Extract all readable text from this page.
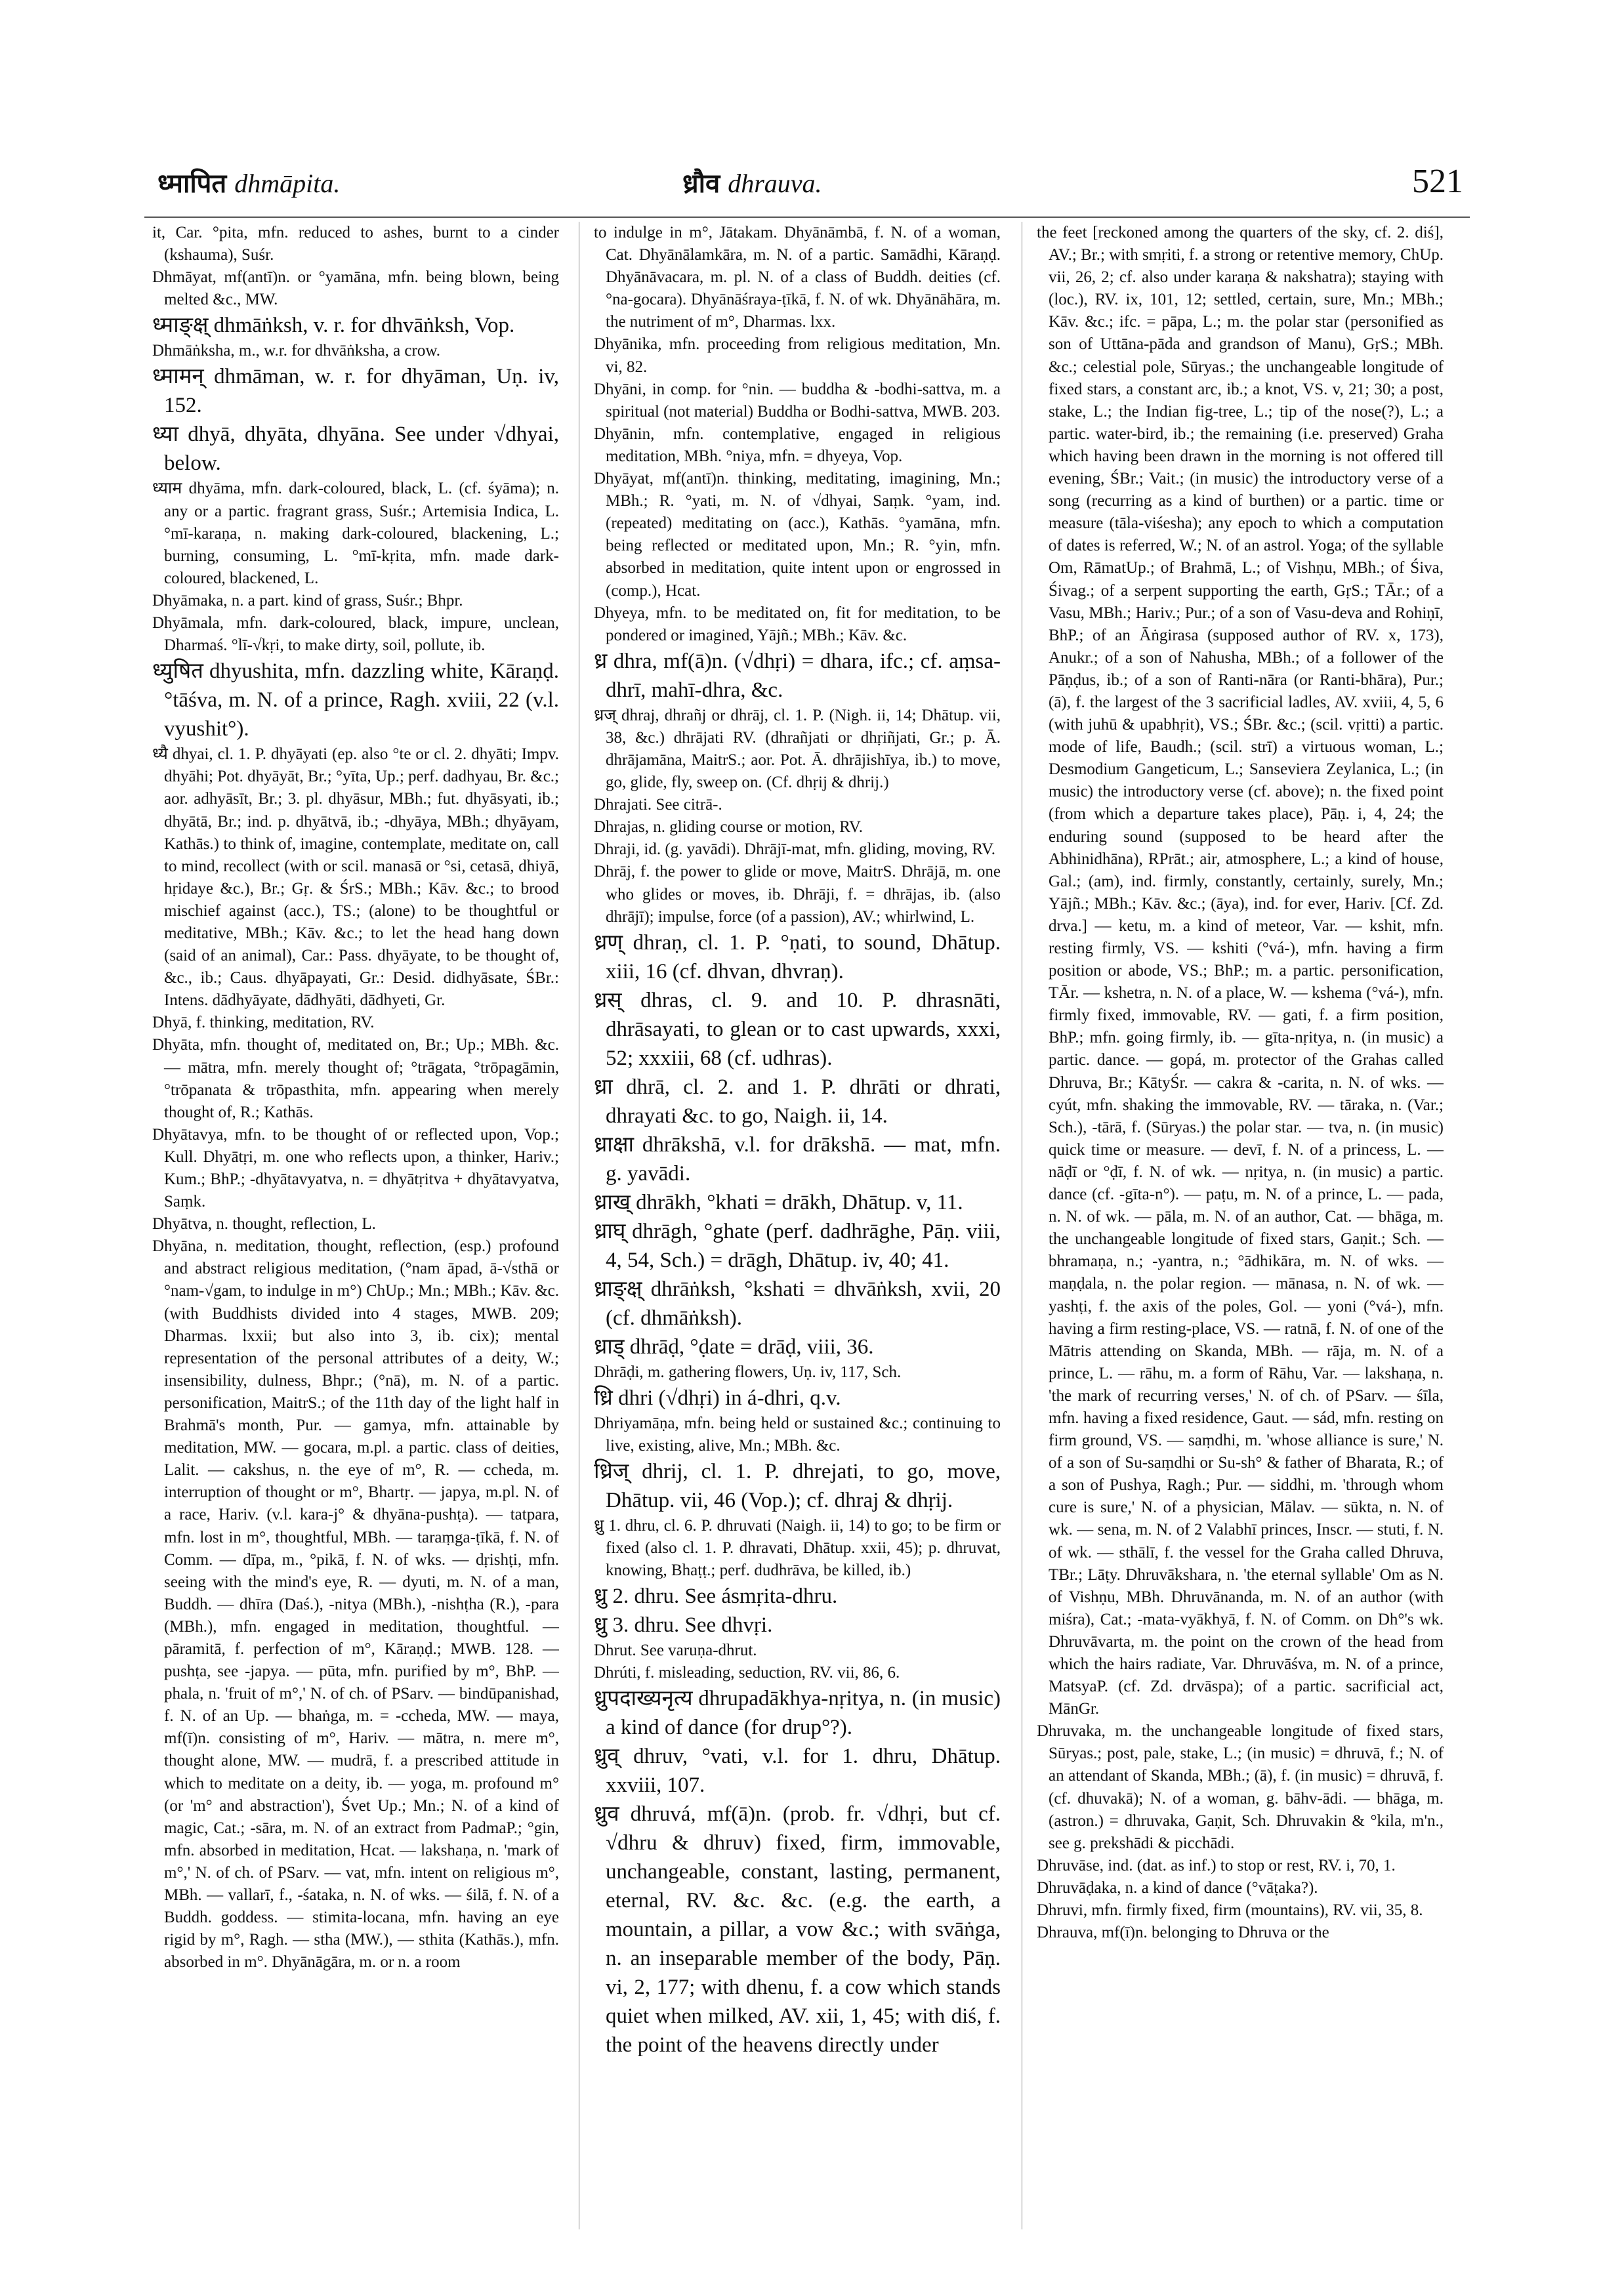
ध्मापित dhmāpita.	ध्रौव dhrauva.	521

it, Car. °pita, mfn. reduced to ashes, burnt to a cinder (kshauma), Suśr.

Dhmāyat, mf(antī)n. or °yamāna, mfn. being blown, being melted &c., MW.

ध्माङ्क्ष् dhmāṅksh, v. r. for dhvāṅksh, Vop.

Dhmāṅksha, m., w.r. for dhvāṅksha, a crow.

ध्मामन् dhmāman, w. r. for dhyāman, Uṇ. iv, 152.

ध्या dhyā, dhyāta, dhyāna. See under √dhyai, below.

ध्याम dhyāma, mfn. dark-coloured, black, L. (cf. śyāma); n. any or a partic. fragrant grass, Suśr.; Artemisia Indica, L. °mī-karaṇa, n. making dark-coloured, blackening, L.; burning, consuming, L. °mī-kṛita, mfn. made dark-coloured, blackened, L.

Dhyāmaka, n. a part. kind of grass, Suśr.; Bhpr.

Dhyāmala, mfn. dark-coloured, black, impure, unclean, Dharmaś. °lī-√kṛi, to make dirty, soil, pollute, ib.

ध्युषित dhyushita, mfn. dazzling white, Kāraṇḍ. °tāśva, m. N. of a prince, Ragh. xviii, 22 (v.l. vyushit°).

ध्यै dhyai, cl. 1. P. dhyāyati (ep. also °te or cl. 2. dhyāti; Impv. dhyāhi; Pot. dhyāyāt, Br.; °yīta, Up.; perf. dadhyau, Br. &c.; aor. adhyāsīt, Br.; 3. pl. dhyāsur, MBh.; fut. dhyāsyati, ib.; dhyātā, Br.; ind. p. dhyātvā, ib.; -dhyāya, MBh.; dhyāyam, Kathās.) to think of, imagine, contemplate, meditate on, call to mind, recollect (with or scil. manasā or °si, cetasā, dhiyā, hṛidaye &c.), Br.; Gṛ. & ŚrS.; MBh.; Kāv. &c.; to brood mischief against (acc.), TS.; (alone) to be thoughtful or meditative, MBh.; Kāv. &c.; to let the head hang down (said of an animal), Car.: Pass. dhyāyate, to be thought of, &c., ib.; Caus. dhyāpayati, Gr.: Desid. didhyāsate, ŚBr.: Intens. dādhyāyate, dādhyāti, dādhyeti, Gr.

Dhyā, f. thinking, meditation, RV.

Dhyāta, mfn. thought of, meditated on, Br.; Up.; MBh. &c. — mātra, mfn. merely thought of; °trāgata, °trōpagāmin, °trōpanata & trōpasthita, mfn. appearing when merely thought of, R.; Kathās.

Dhyātavya, mfn. to be thought of or reflected upon, Vop.; Kull. Dhyātṛi, m. one who reflects upon, a thinker, Hariv.; Kum.; BhP.; -dhyātavyatva, n. = dhyātṛitva + dhyātavyatva, Saṃk.

Dhyātva, n. thought, reflection, L.

Dhyāna, n. meditation, thought, reflection, (esp.) profound and abstract religious meditation, (°nam āpad, ā-√sthā or °nam-√gam, to indulge in m°) ChUp.; Mn.; MBh.; Kāv. &c. (with Buddhists divided into 4 stages, MWB. 209; Dharmas. lxxii; but also into 3, ib. cix); mental representation of the personal attributes of a deity, W.; insensibility, dulness, Bhpr.; (°nā), m. N. of a partic. personification, MaitrS.; of the 11th day of the light half in Brahmā's month, Pur. — gamya, mfn. attainable by meditation, MW. — gocara, m.pl. a partic. class of deities, Lalit. — cakshus, n. the eye of m°, R. — ccheda, m. interruption of thought or m°, Bhartṛ. — japya, m.pl. N. of a race, Hariv. (v.l. kara-j° & dhyāna-pushṭa). — tatpara, mfn. lost in m°, thoughtful, MBh. — taraṃga-ṭīkā, f. N. of Comm. — dīpa, m., °pikā, f. N. of wks. — dṛishṭi, mfn. seeing with the mind's eye, R. — dyuti, m. N. of a man, Buddh. — dhīra (Daś.), -nitya (MBh.), -nishṭha (R.), -para (MBh.), mfn. engaged in meditation, thoughtful. — pāramitā, f. perfection of m°, Kāraṇḍ.; MWB. 128. — pushṭa, see -japya. — pūta, mfn. purified by m°, BhP. — phala, n. 'fruit of m°,' N. of ch. of PSarv. — bindūpanishad, f. N. of an Up. — bhaṅga, m. = -ccheda, MW. — maya, mf(ī)n. consisting of m°, Hariv. — mātra, n. mere m°, thought alone, MW. — mudrā, f. a prescribed attitude in which to meditate on a deity, ib. — yoga, m. profound m° (or 'm° and abstraction'), Śvet Up.; Mn.; N. of a kind of magic, Cat.; -sāra, m. N. of an extract from PadmaP.; °gin, mfn. absorbed in meditation, Hcat. — lakshaṇa, n. 'mark of m°,' N. of ch. of PSarv. — vat, mfn. intent on religious m°, MBh. — vallarī, f., -śataka, n. N. of wks. — śilā, f. N. of a Buddh. goddess. — stimita-locana, mfn. having an eye rigid by m°, Ragh. — stha (MW.), — sthita (Kathās.), mfn. absorbed in m°. Dhyānāgāra, m. or n. a room

to indulge in m°, Jātakam. Dhyānāmbā, f. N. of a woman, Cat. Dhyānālamkāra, m. N. of a partic. Samādhi, Kāraṇḍ. Dhyānāvacara, m. pl. N. of a class of Buddh. deities (cf. °na-gocara). Dhyānāśraya-ṭīkā, f. N. of wk. Dhyānāhāra, m. the nutriment of m°, Dharmas. lxx.

Dhyānika, mfn. proceeding from religious meditation, Mn. vi, 82.

Dhyāni, in comp. for °nin. — buddha & -bodhi-sattva, m. a spiritual (not material) Buddha or Bodhi-sattva, MWB. 203.

Dhyānin, mfn. contemplative, engaged in religious meditation, MBh. °niya, mfn. = dhyeya, Vop.

Dhyāyat, mf(antī)n. thinking, meditating, imagining, Mn.; MBh.; R. °yati, m. N. of √dhyai, Saṃk. °yam, ind. (repeated) meditating on (acc.), Kathās. °yamāna, mfn. being reflected or meditated upon, Mn.; R. °yin, mfn. absorbed in meditation, quite intent upon or engrossed in (comp.), Hcat.

Dhyeya, mfn. to be meditated on, fit for meditation, to be pondered or imagined, Yājñ.; MBh.; Kāv. &c.

ध्र dhra, mf(ā)n. (√dhṛi) = dhara, ifc.; cf. aṃsa-dhrī, mahī-dhra, &c.

ध्रज् dhraj, dhrañj or dhrāj, cl. 1. P. (Nigh. ii, 14; Dhātup. vii, 38, &c.) dhrājati RV. (dhrañjati or dhṛiñjati, Gr.; p. Ā. dhrājamāna, MaitrS.; aor. Pot. Ā. dhrājishīya, ib.) to move, go, glide, fly, sweep on. (Cf. dhṛij & dhrij.)

Dhrajati. See citrā-.

Dhrajas, n. gliding course or motion, RV.

Dhraji, id. (g. yavādi). Dhrājī-mat, mfn. gliding, moving, RV.

Dhrāj, f. the power to glide or move, MaitrS. Dhrājā, m. one who glides or moves, ib. Dhrāji, f. = dhrājas, ib. (also dhrājī); impulse, force (of a passion), AV.; whirlwind, L.

ध्रण् dhraṇ, cl. 1. P. °ṇati, to sound, Dhātup. xiii, 16 (cf. dhvan, dhvraṇ).

ध्रस् dhras, cl. 9. and 10. P. dhrasnāti, dhrāsayati, to glean or to cast upwards, xxxi, 52; xxxiii, 68 (cf. udhras).

ध्रा dhrā, cl. 2. and 1. P. dhrāti or dhrati, dhrayati &c. to go, Naigh. ii, 14.

ध्राक्षा dhrākshā, v.l. for drākshā. — mat, mfn. g. yavādi.

ध्राख् dhrākh, °khati = drākh, Dhātup. v, 11.

ध्राघ् dhrāgh, °ghate (perf. dadhrāghe, Pāṇ. viii, 4, 54, Sch.) = drāgh, Dhātup. iv, 40; 41.

ध्राङ्क्ष् dhrāṅksh, °kshati = dhvāṅksh, xvii, 20 (cf. dhmāṅksh).

ध्राड् dhrāḍ, °ḍate = drāḍ, viii, 36.

Dhrāḍi, m. gathering flowers, Uṇ. iv, 117, Sch.

ध्रि dhri (√dhṛi) in á-dhri, q.v.

Dhriyamāṇa, mfn. being held or sustained &c.; continuing to live, existing, alive, Mn.; MBh. &c.

ध्रिज् dhrij, cl. 1. P. dhrejati, to go, move, Dhātup. vii, 46 (Vop.); cf. dhraj & dhṛij.

ध्रु 1. dhru, cl. 6. P. dhruvati (Naigh. ii, 14) to go; to be firm or fixed (also cl. 1. P. dhravati, Dhātup. xxii, 45); p. dhruvat, knowing, Bhaṭṭ.; perf. dudhrāva, be killed, ib.)

ध्रु 2. dhru. See ásmṛita-dhru.

ध्रु 3. dhru. See dhvṛi.

Dhrut. See varuṇa-dhrut.

Dhrúti, f. misleading, seduction, RV. vii, 86, 6.

ध्रुपदाख्यनृत्य dhrupadākhya-nṛitya, n. (in music) a kind of dance (for drup°?).

ध्रुव् dhruv, °vati, v.l. for 1. dhru, Dhātup. xxviii, 107.

ध्रुव dhruvá, mf(ā)n. (prob. fr. √dhṛi, but cf. √dhru & dhruv) fixed, firm, immovable, unchangeable, constant, lasting, permanent, eternal, RV. &c. &c. (e.g. the earth, a mountain, a pillar, a vow &c.; with svāṅga, n. an inseparable member of the body, Pāṇ. vi, 2, 177; with dhenu, f. a cow which stands quiet when milked, AV. xii, 1, 45; with diś, f. the point of the heavens directly under

the feet [reckoned among the quarters of the sky, cf. 2. diś], AV.; Br.; with smṛiti, f. a strong or retentive memory, ChUp. vii, 26, 2; cf. also under karaṇa & nakshatra); staying with (loc.), RV. ix, 101, 12; settled, certain, sure, Mn.; MBh.; Kāv. &c.; ifc. = pāpa, L.; m. the polar star (personified as son of Uttāna-pāda and grandson of Manu), GṛS.; MBh. &c.; celestial pole, Sūryas.; the unchangeable longitude of fixed stars, a constant arc, ib.; a knot, VS. v, 21; 30; a post, stake, L.; the Indian fig-tree, L.; tip of the nose(?), L.; a partic. water-bird, ib.; the remaining (i.e. preserved) Graha which having been drawn in the morning is not offered till evening, ŚBr.; Vait.; (in music) the introductory verse of a song (recurring as a kind of burthen) or a partic. time or measure (tāla-viśesha); any epoch to which a computation of dates is referred, W.; N. of an astrol. Yoga; of the syllable Om, RāmatUp.; of Brahmā, L.; of Vishṇu, MBh.; of Śiva, Śivag.; of a serpent supporting the earth, GṛS.; TĀr.; of a Vasu, MBh.; Hariv.; Pur.; of a son of Vasu-deva and Rohiṇī, BhP.; of an Āṅgirasa (supposed author of RV. x, 173), Anukr.; of a son of Nahusha, MBh.; of a follower of the Pāṇḍus, ib.; of a son of Ranti-nāra (or Ranti-bhāra), Pur.; (ā), f. the largest of the 3 sacrificial ladles, AV. xviii, 4, 5, 6 (with juhū & upabhṛit), VS.; ŚBr. &c.; (scil. vṛitti) a partic. mode of life, Baudh.; (scil. strī) a virtuous woman, L.; Desmodium Gangeticum, L.; Sanseviera Zeylanica, L.; (in music) the introductory verse (cf. above); n. the fixed point (from which a departure takes place), Pāṇ. i, 4, 24; the enduring sound (supposed to be heard after the Abhinidhāna), RPrāt.; air, atmosphere, L.; a kind of house, Gal.; (am), ind. firmly, constantly, certainly, surely, Mn.; Yājñ.; MBh.; Kāv. &c.; (āya), ind. for ever, Hariv. [Cf. Zd. drva.] — ketu, m. a kind of meteor, Var. — kshit, mfn. resting firmly, VS. — kshiti (°vá-), mfn. having a firm position or abode, VS.; BhP.; m. a partic. personification, TĀr. — kshetra, n. N. of a place, W. — kshema (°vá-), mfn. firmly fixed, immovable, RV. — gati, f. a firm position, BhP.; mfn. going firmly, ib. — gīta-nṛitya, n. (in music) a partic. dance. — gopá, m. protector of the Grahas called Dhruva, Br.; KātyŚr. — cakra & -carita, n. N. of wks. — cyút, mfn. shaking the immovable, RV. — tāraka, n. (Var.; Sch.), -tārā, f. (Sūryas.) the polar star. — tva, n. (in music) quick time or measure. — devī, f. N. of a princess, L. — nāḍī or °ḍī, f. N. of wk. — nṛitya, n. (in music) a partic. dance (cf. -gīta-n°). — paṭu, m. N. of a prince, L. — pada, n. N. of wk. — pāla, m. N. of an author, Cat. — bhāga, m. the unchangeable longitude of fixed stars, Gaṇit.; Sch. — bhramaṇa, n.; -yantra, n.; °ādhikāra, m. N. of wks. — maṇḍala, n. the polar region. — mānasa, n. N. of wk. — yashṭi, f. the axis of the poles, Gol. — yoni (°vá-), mfn. having a firm resting-place, VS. — ratnā, f. N. of one of the Mātris attending on Skanda, MBh. — rāja, m. N. of a prince, L. — rāhu, m. a form of Rāhu, Var. — lakshaṇa, n. 'the mark of recurring verses,' N. of ch. of PSarv. — śīla, mfn. having a fixed residence, Gaut. — sád, mfn. resting on firm ground, VS. — saṃdhi, m. 'whose alliance is sure,' N. of a son of Su-saṃdhi or Su-sh° & father of Bharata, R.; of a son of Pushya, Ragh.; Pur. — siddhi, m. 'through whom cure is sure,' N. of a physician, Mālav. — sūkta, n. N. of wk. — sena, m. N. of 2 Valabhī princes, Inscr. — stuti, f. N. of wk. — sthālī, f. the vessel for the Graha called Dhruva, TBr.; Lāṭy. Dhruvākshara, n. 'the eternal syllable' Om as N. of Vishṇu, MBh. Dhruvānanda, m. N. of an author (with miśra), Cat.; -mata-vyākhyā, f. N. of Comm. on Dh°'s wk. Dhruvāvarta, m. the point on the crown of the head from which the hairs radiate, Var. Dhruvāśva, m. N. of a prince, MatsyaP. (cf. Zd. drvāspa); of a partic. sacrificial act, MānGr.

Dhruvaka, m. the unchangeable longitude of fixed stars, Sūryas.; post, pale, stake, L.; (in music) = dhruvā, f.; N. of an attendant of Skanda, MBh.; (ā), f. (in music) = dhruvā, f. (cf. dhuvakā); N. of a woman, g. bāhv-ādi. — bhāga, m. (astron.) = dhruvaka, Gaṇit, Sch. Dhruvakin & °kila, m'n., see g. prekshādi & picchādi.

Dhruvāse, ind. (dat. as inf.) to stop or rest, RV. i, 70, 1.

Dhruvāḍaka, n. a kind of dance (°vāṭaka?).

Dhruvi, mfn. firmly fixed, firm (mountains), RV. vii, 35, 8.

Dhrauva, mf(ī)n. belonging to Dhruva or the
